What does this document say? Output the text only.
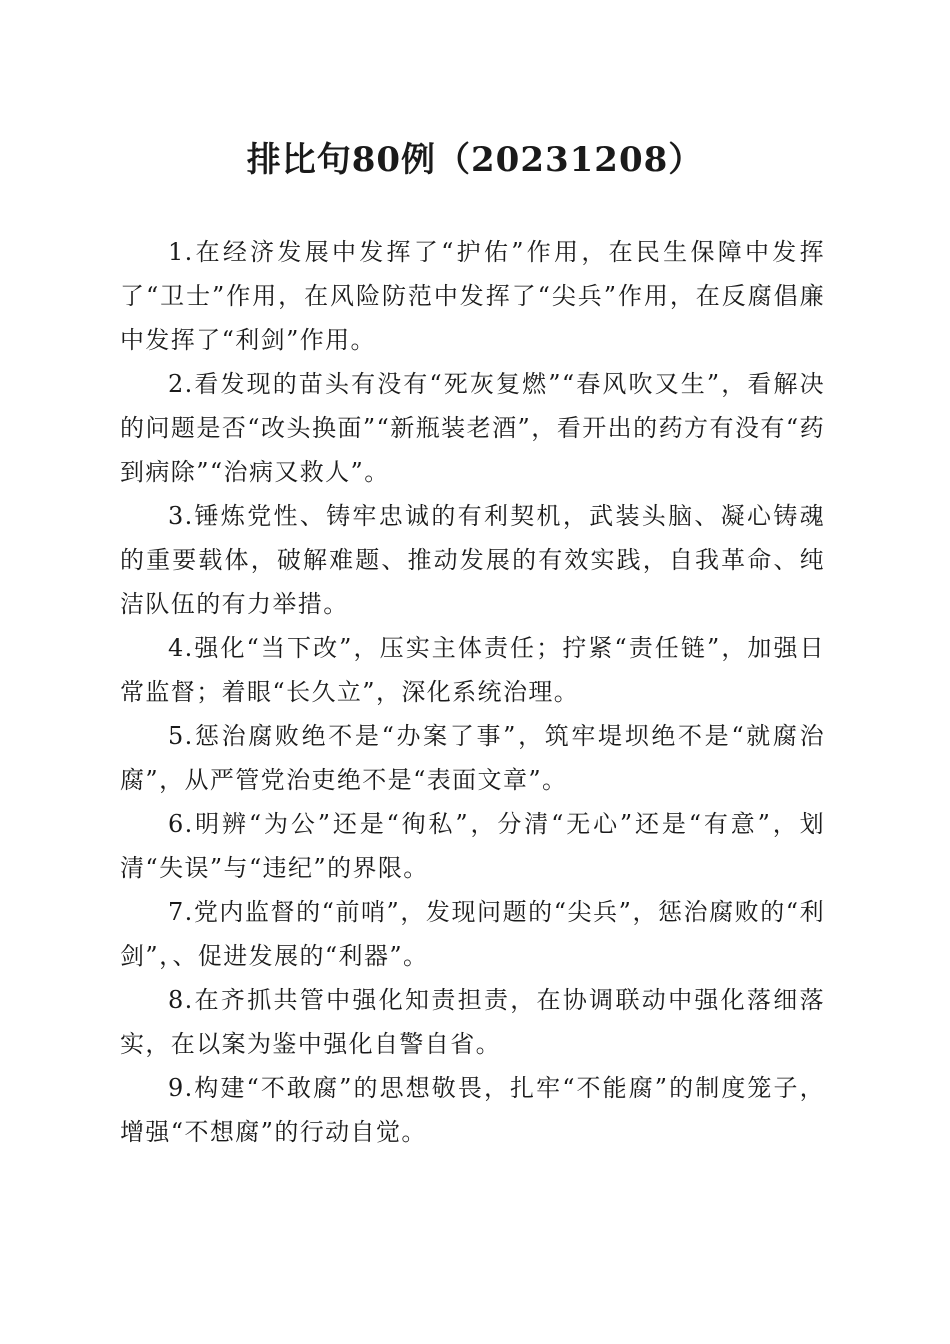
排比句80例（20231208）

1.在经济发展中发挥了“护佑”作用，在民生保障中发挥了“卫士”作用，在风险防范中发挥了“尖兵”作用，在反腐倡廉中发挥了“利剑”作用。

2.看发现的苗头有没有“死灰复燃”“春风吹又生”，看解决的问题是否“改头换面”“新瓶装老酒”，看开出的药方有没有“药到病除”“治病又救人”。

3.锤炼党性、铸牢忠诚的有利契机，武装头脑、凝心铸魂的重要载体，破解难题、推动发展的有效实践，自我革命、纯洁队伍的有力举措。

4.强化“当下改”，压实主体责任；拧紧“责任链”，加强日常监督；着眼“长久立”，深化系统治理。

5.惩治腐败绝不是“办案了事”，筑牢堤坝绝不是“就腐治腐”，从严管党治吏绝不是“表面文章”。

6.明辨“为公”还是“徇私”，分清“无心”还是“有意”，划清“失误”与“违纪”的界限。

7.党内监督的“前哨”，发现问题的“尖兵”，惩治腐败的“利剑”，、促进发展的“利器”。

8.在齐抓共管中强化知责担责，在协调联动中强化落细落实，在以案为鉴中强化自警自省。

9.构建“不敢腐”的思想敬畏，扎牢“不能腐”的制度笼子，增强“不想腐”的行动自觉。
